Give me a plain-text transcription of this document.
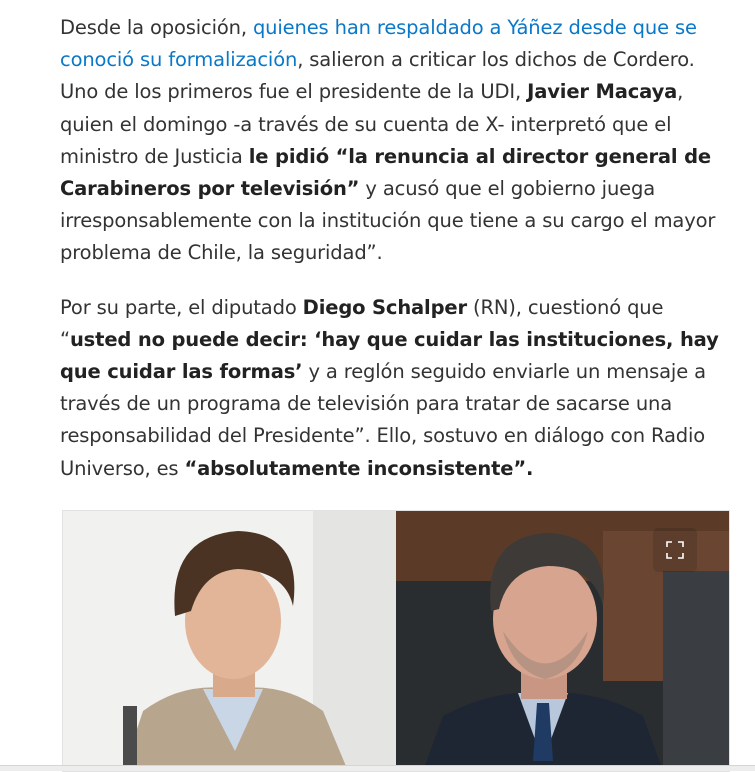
Desde la oposición, quienes han respaldado a Yáñez desde que se conoció su formalización, salieron a criticar los dichos de Cordero. Uno de los primeros fue el presidente de la UDI, Javier Macaya, quien el domingo -a través de su cuenta de X- interpretó que el ministro de Justicia le pidió “la renuncia al director general de Carabineros por televisión” y acusó que el gobierno juega irresponsablemente con la institución que tiene a su cargo el mayor problema de Chile, la seguridad”.

Por su parte, el diputado Diego Schalper (RN), cuestionó que “usted no puede decir: ‘hay que cuidar las instituciones, hay que cuidar las formas’ y a reglón seguido enviarle un mensaje a través de un programa de televisión para tratar de sacarse una responsabilidad del Presidente”. Ello, sostuvo en diálogo con Radio Universo, es “absolutamente inconsistente”.
